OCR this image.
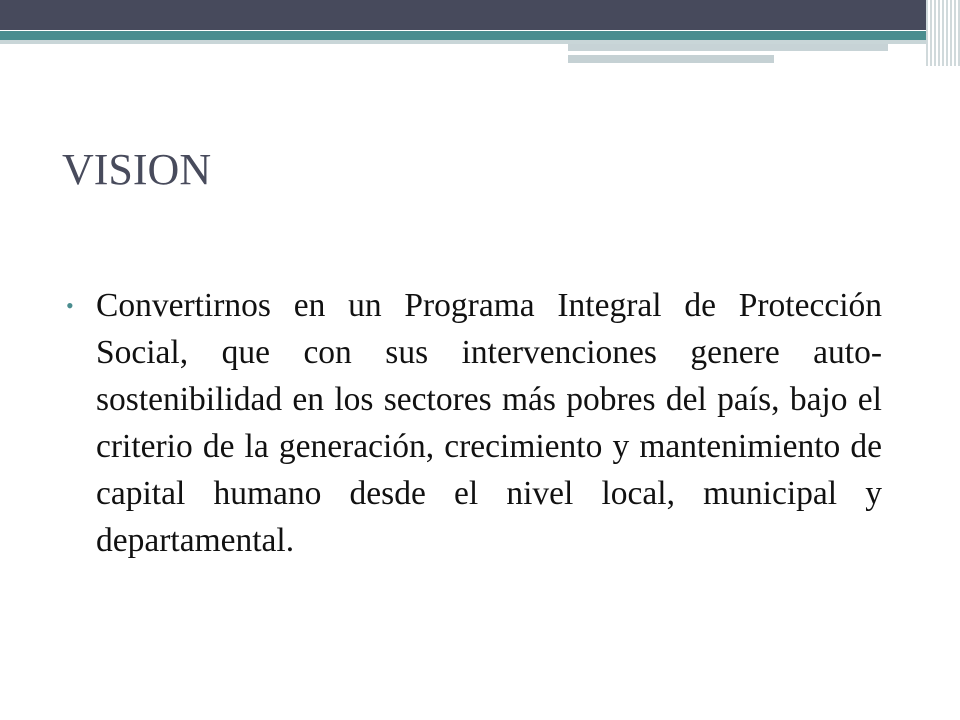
VISION
• Convertirnos en un Programa Integral de Protección Social, que con sus intervenciones genere auto-sostenibilidad en los sectores más pobres del país, bajo el criterio de la generación, crecimiento y mantenimiento de capital humano desde el nivel local, municipal y departamental.
